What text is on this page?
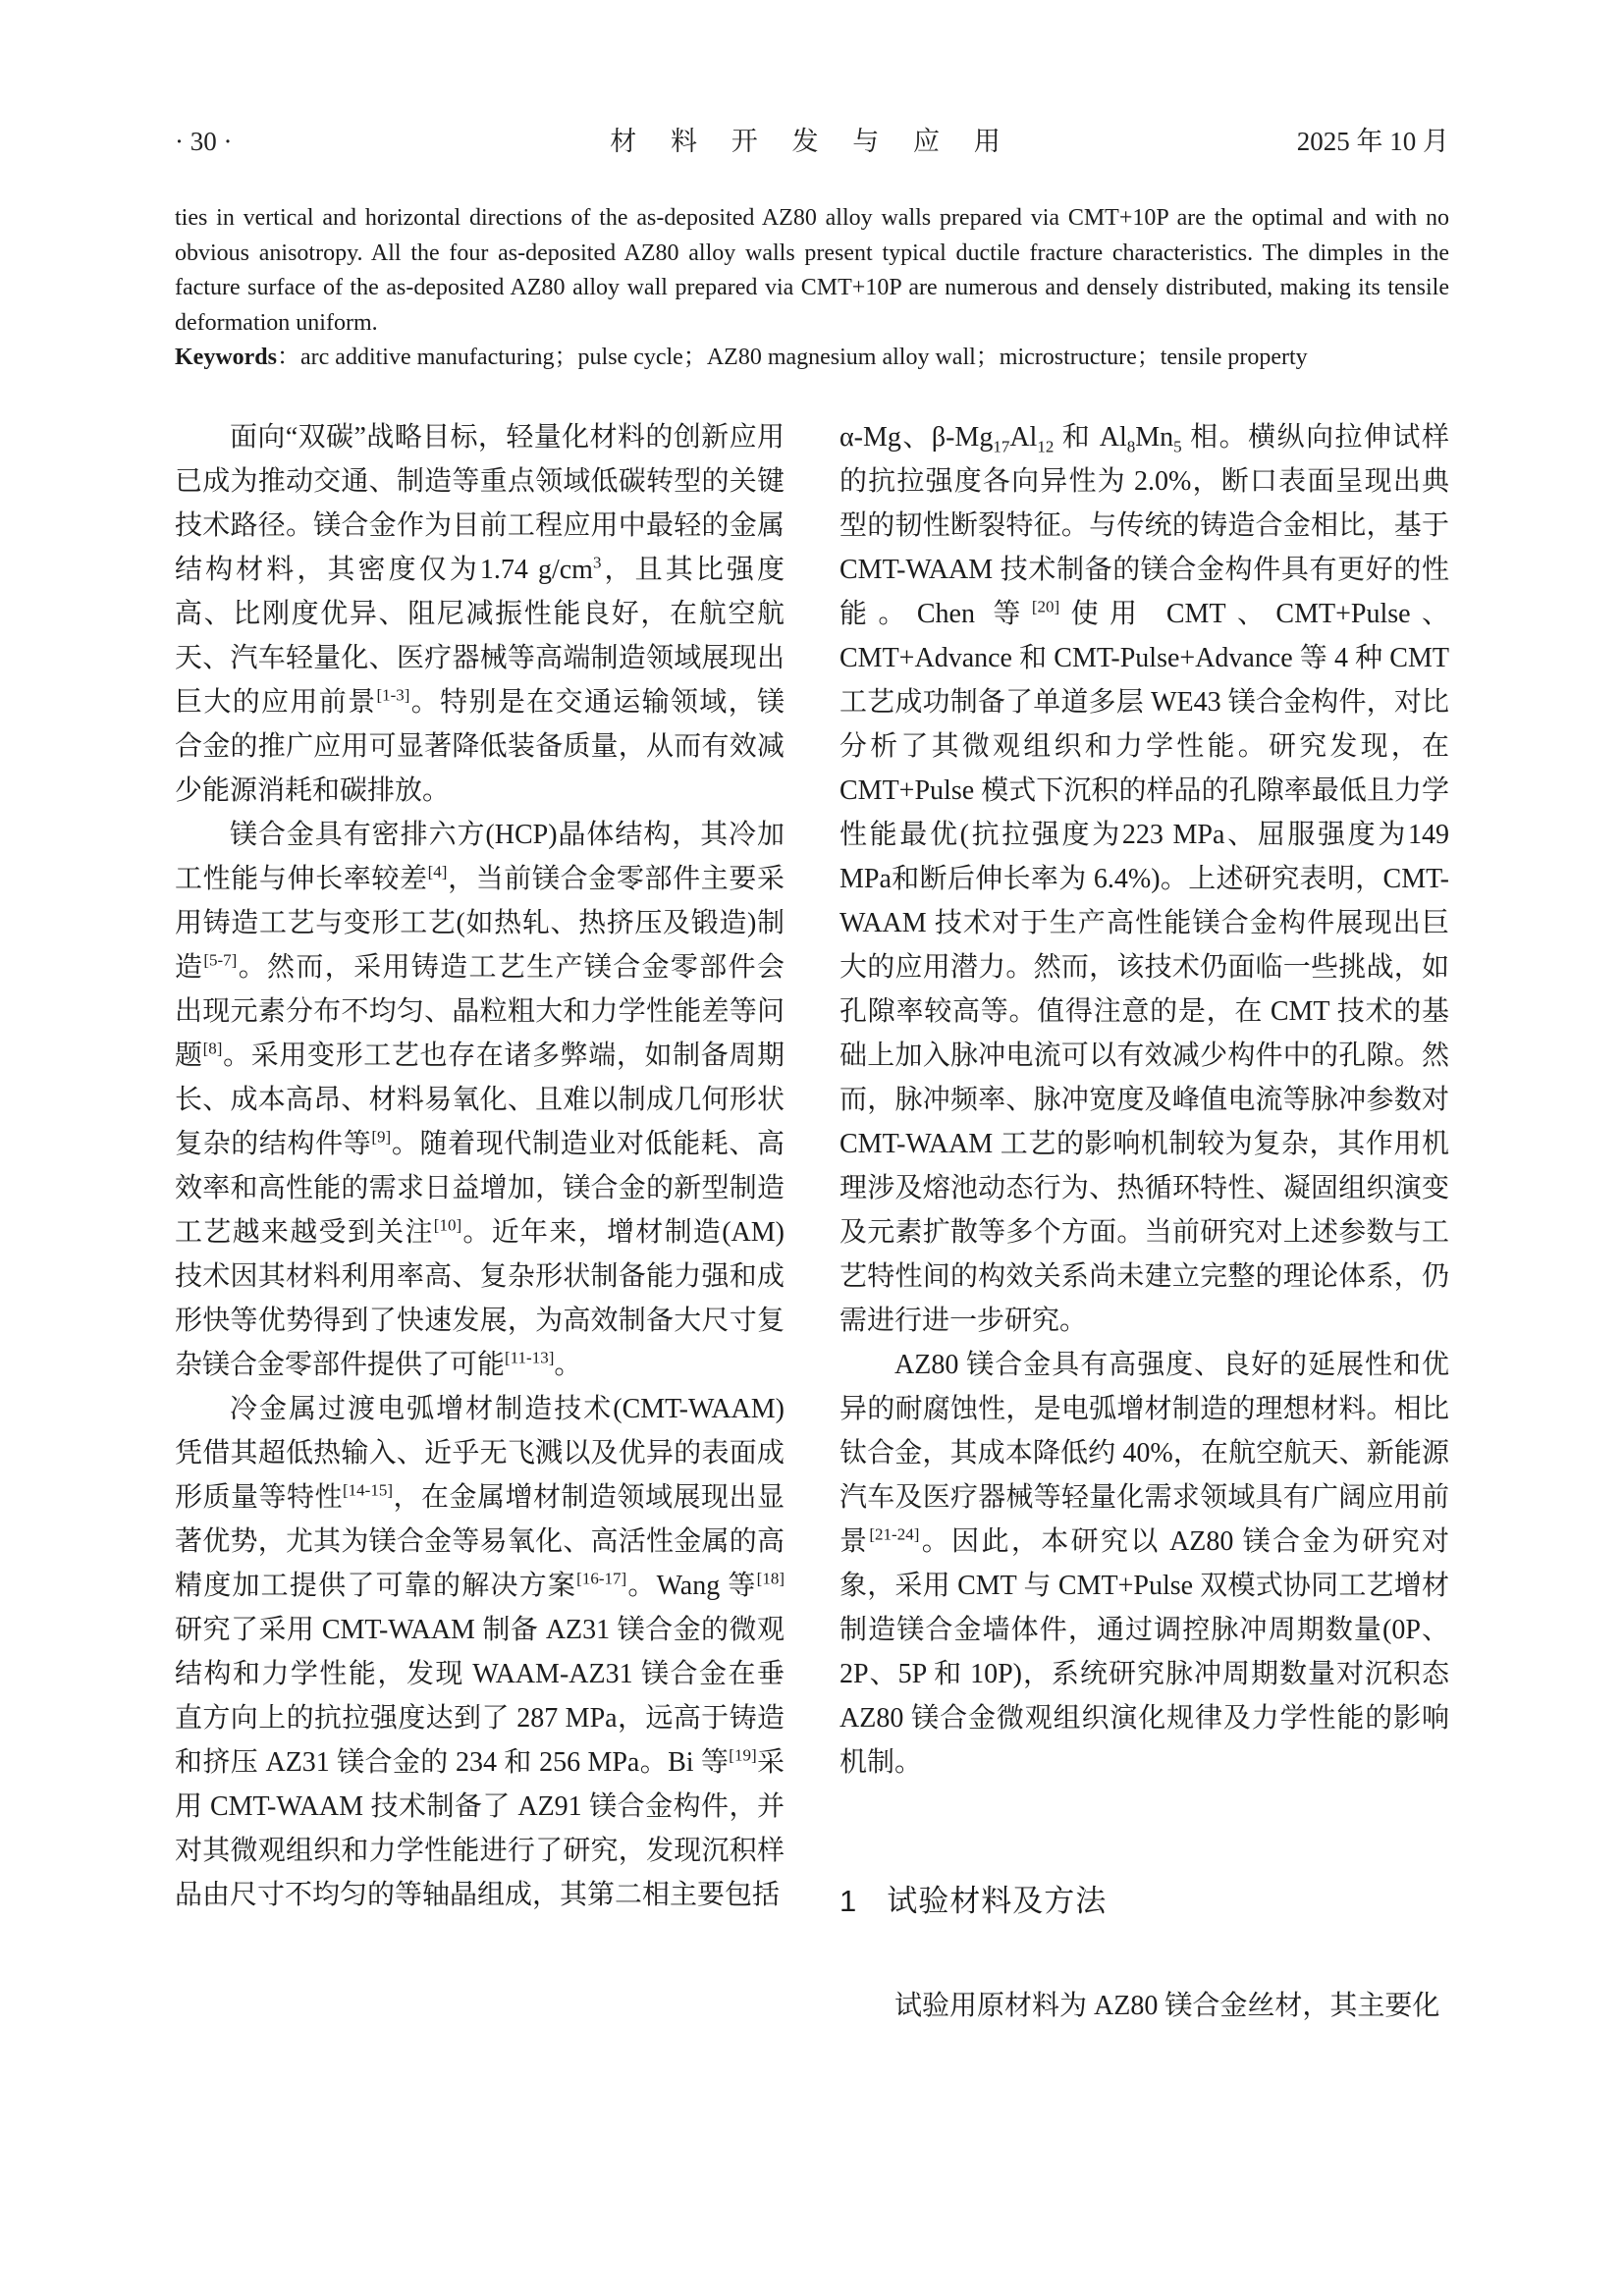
· 30 ·	材 料 开 发 与 应 用	2025 年 10 月

ties in vertical and horizontal directions of the as-deposited AZ80 alloy walls prepared via CMT+10P are the optimal and with no obvious anisotropy. All the four as-deposited AZ80 alloy walls present typical ductile fracture characteristics. The dimples in the facture surface of the as-deposited AZ80 alloy wall prepared via CMT+10P are numerous and densely distributed, making its tensile deformation uniform.

Keywords：arc additive manufacturing；pulse cycle；AZ80 magnesium alloy wall；microstructure；tensile property

面向“双碳”战略目标，轻量化材料的创新应用已成为推动交通、制造等重点领域低碳转型的关键技术路径。镁合金作为目前工程应用中最轻的金属结构材料，其密度仅为1.74 g/cm$^3$，且其比强度高、比刚度优异、阻尼减振性能良好，在航空航天、汽车轻量化、医疗器械等高端制造领域展现出巨大的应用前景[1-3]。特别是在交通运输领域，镁合金的推广应用可显著降低装备质量，从而有效减少能源消耗和碳排放。

镁合金具有密排六方(HCP)晶体结构，其冷加工性能与伸长率较差[4]，当前镁合金零部件主要采用铸造工艺与变形工艺(如热轧、热挤压及锻造)制造[5-7]。然而，采用铸造工艺生产镁合金零部件会出现元素分布不均匀、晶粒粗大和力学性能差等问题[8]。采用变形工艺也存在诸多弊端，如制备周期长、成本高昂、材料易氧化、且难以制成几何形状复杂的结构件等[9]。随着现代制造业对低能耗、高效率和高性能的需求日益增加，镁合金的新型制造工艺越来越受到关注[10]。近年来，增材制造(AM)技术因其材料利用率高、复杂形状制备能力强和成形快等优势得到了快速发展，为高效制备大尺寸复杂镁合金零部件提供了可能[11-13]。

冷金属过渡电弧增材制造技术(CMT-WAAM)凭借其超低热输入、近乎无飞溅以及优异的表面成形质量等特性[14-15]，在金属增材制造领域展现出显著优势，尤其为镁合金等易氧化、高活性金属的高精度加工提供了可靠的解决方案[16-17]。Wang 等[18]研究了采用 CMT-WAAM 制备 AZ31 镁合金的微观结构和力学性能，发现 WAAM-AZ31 镁合金在垂直方向上的抗拉强度达到了 287 MPa，远高于铸造和挤压 AZ31 镁合金的 234 和 256 MPa。Bi 等[19]采用 CMT-WAAM 技术制备了 AZ91 镁合金构件，并对其微观组织和力学性能进行了研究，发现沉积样品由尺寸不均匀的等轴晶组成，其第二相主要包括

α-Mg、$\beta-Mg_{17}Al_{12}$ 和 $Al_8Mn_5$ 相。横纵向拉伸试样的抗拉强度各向异性为 2.0%，断口表面呈现出典型的韧性断裂特征。与传统的铸造合金相比，基于 CMT-WAAM 技术制备的镁合金构件具有更好的性能。Chen 等[20]使用 CMT、CMT+Pulse、CMT+Advance 和 CMT-Pulse+Advance 等 4 种 CMT 工艺成功制备了单道多层 WE43 镁合金构件，对比分析了其微观组织和力学性能。研究发现，在 CMT+Pulse 模式下沉积的样品的孔隙率最低且力学性能最优(抗拉强度为223 MPa、屈服强度为149 MPa和断后伸长率为 6.4%)。上述研究表明，CMT-WAAM 技术对于生产高性能镁合金构件展现出巨大的应用潜力。然而，该技术仍面临一些挑战，如孔隙率较高等。值得注意的是，在 CMT 技术的基础上加入脉冲电流可以有效减少构件中的孔隙。然而，脉冲频率、脉冲宽度及峰值电流等脉冲参数对 CMT-WAAM 工艺的影响机制较为复杂，其作用机理涉及熔池动态行为、热循环特性、凝固组织演变及元素扩散等多个方面。当前研究对上述参数与工艺特性间的构效关系尚未建立完整的理论体系，仍需进行进一步研究。

AZ80 镁合金具有高强度、良好的延展性和优异的耐腐蚀性，是电弧增材制造的理想材料。相比钛合金，其成本降低约 40%，在航空航天、新能源汽车及医疗器械等轻量化需求领域具有广阔应用前景[21-24]。因此，本研究以 AZ80 镁合金为研究对象，采用 CMT 与 CMT+Pulse 双模式协同工艺增材制造镁合金墙体件，通过调控脉冲周期数量(0P、2P、5P 和 10P)，系统研究脉冲周期数量对沉积态 AZ80 镁合金微观组织演化规律及力学性能的影响机制。

1 试验材料及方法

试验用原材料为 AZ80 镁合金丝材，其主要化
